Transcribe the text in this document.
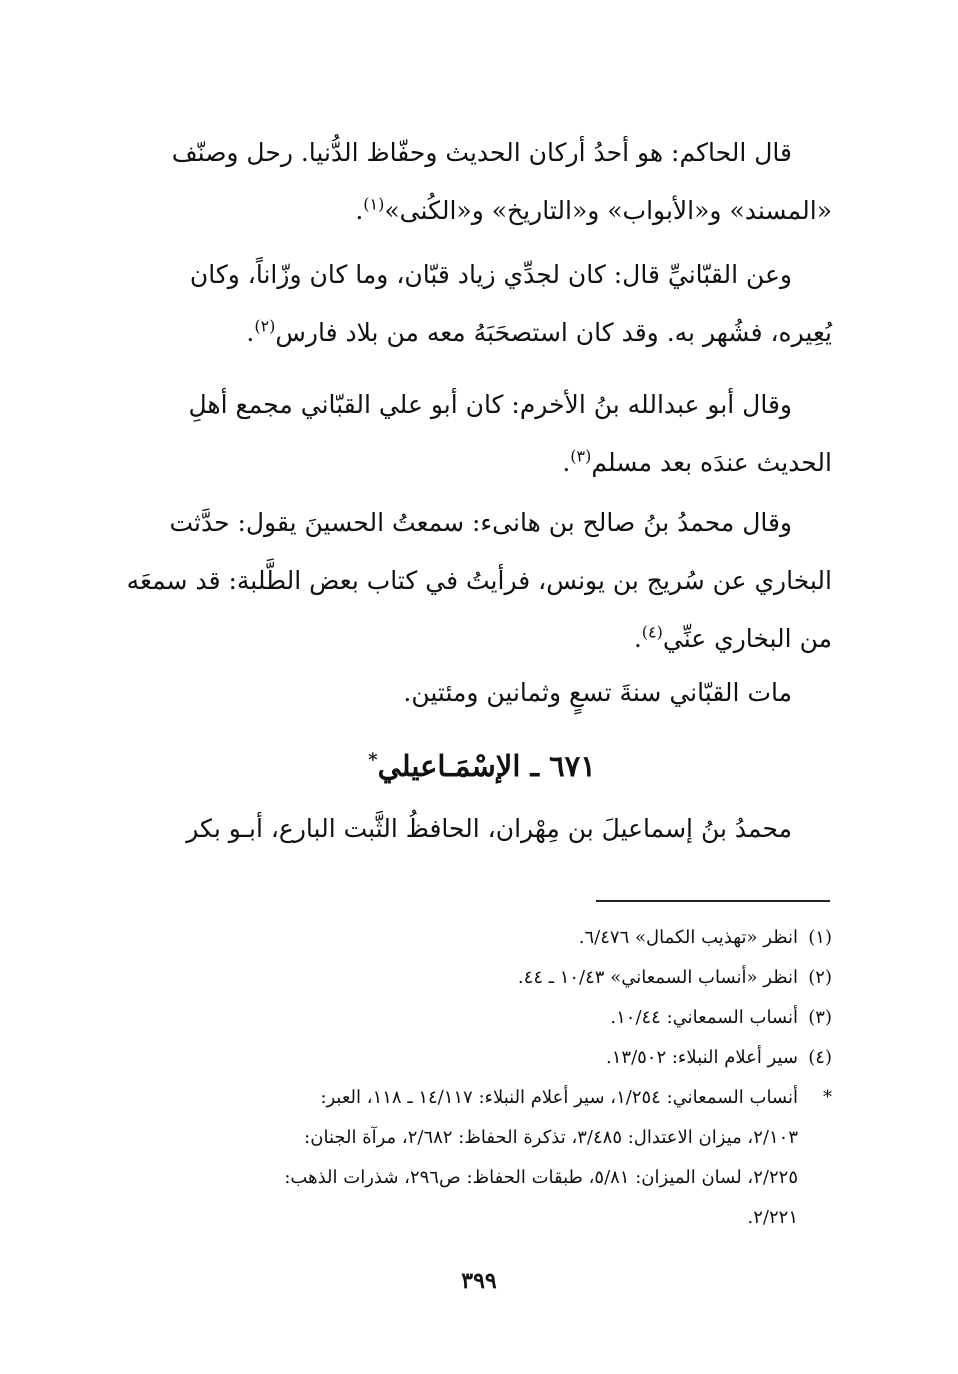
قال الحاكم: هو أحدُ أركان الحديث وحفّاظ الدُّنيا. رحل وصنّف
«المسند» و«الأبواب» و«التاريخ» و«الكُنى»$^{(١)}$.
وعن القبّانيِّ قال: كان لجدِّي زياد قبّان، وما كان وزّاناً، وكان
يُعِيره، فشُهر به. وقد كان استصحَبَهُ معه من بلاد فارس$^{(٢)}$.
وقال أبو عبدالله بنُ الأخرم: كان أبو علي القبّاني مجمع أهلِ
الحديث عندَه بعد مسلم$^{(٣)}$.
وقال محمدُ بنُ صالح بن هانىء: سمعتُ الحسينَ يقول: حدَّثت
البخاري عن سُريج بن يونس، فرأيتُ في كتاب بعض الطَّلبة: قد سمعَه
من البخاري عنِّي$^{(٤)}$.
مات القبّاني سنةَ تسعٍ وثمانين ومئتين.
٦٧١ ـ الإسْمَـاعيلي*
محمدُ بنُ إسماعيلَ بن مِهْران، الحافظُ الثَّبت البارع، أبـو بكر
(١)انظر «تهذيب الكمال» ٦/٤٧٦.
(٢)انظر «أنساب السمعاني» ١٠/٤٣ ـ ٤٤.
(٣)أنساب السمعاني: ١٠/٤٤.
(٤)سير أعلام النبلاء: ١٣/٥٠٢.
*أنساب السمعاني: ١/٢٥٤، سير أعلام النبلاء: ١٤/١١٧ ـ ١١٨، العبر:
٢/١٠٣، ميزان الاعتدال: ٣/٤٨٥، تذكرة الحفاظ: ٢/٦٨٢، مرآة الجنان:
٢/٢٢٥، لسان الميزان: ٥/٨١، طبقات الحفاظ: ص٢٩٦، شذرات الذهب:
٢/٢٢١.
٣٩٩
